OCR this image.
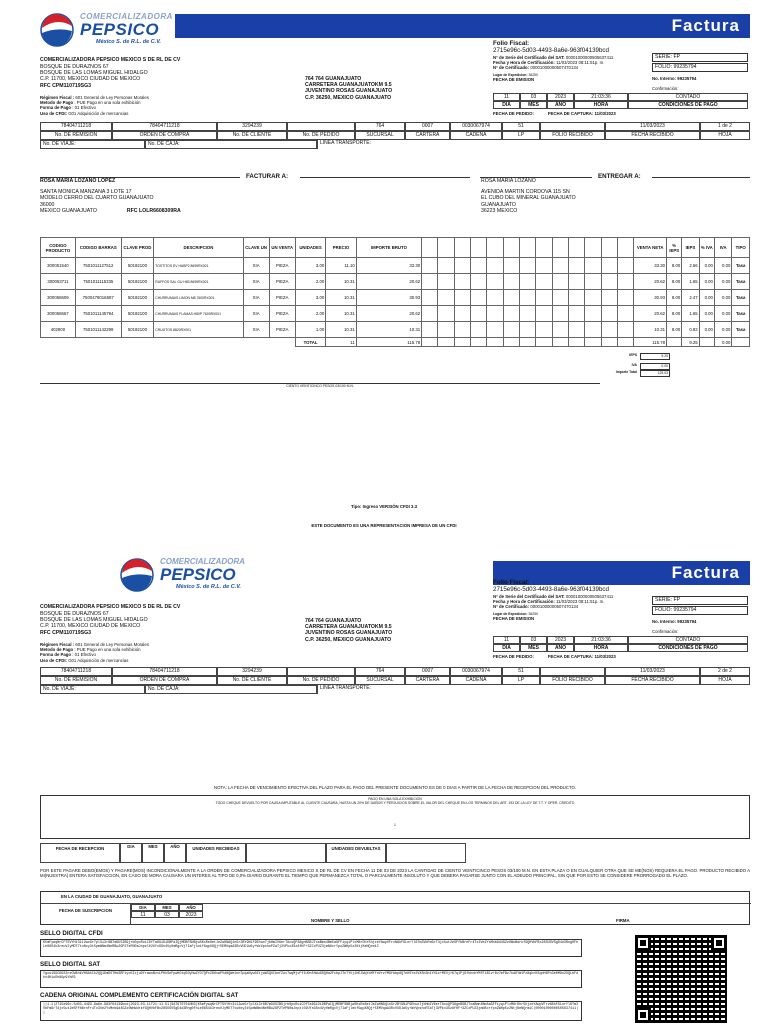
COMERCIALIZADORA
PEPSICO
México S. de R.L. de C.V.
Factura
COMERCIALIZADORA PEPSICO MEXICO S DE RL DE CV
BOSQUE DE DURAZNOS 67
BOSQUE DE LAS LOMAS MIGUEL HIDALGO
C.P. 11700, MEXICO CIUDAD DE MEXICO
RFC CPM110719SG3
Régimen Fiscal : 601 General de Ley Personas Morales
Metodo de Pago : PUE Pago en una sola exhibición
Forma de Pago : 01 Efectivo
Uso de CFDI: G01 Adquisición de mercancias
764 764 GUANAJUATO
CARRETERA GUANAJUATOKM 9.5
JUVENTINO ROSAS GUANAJUATO
C.P. 36250, MEXICO GUANAJUATO
Folio Fiscal:
2715e96c-5d03-4493-8a6e-963f04139bcd
N° de Serie del Certificado del SAT: 00001000000505637411
Fecha y Hora de Certificación: 11/03/2023 08:11:51p. m.
N° de Certificado: 00001000000507470134
Lugar de Expedicion: 36250
FECHA DE EMISION
SERIE: FP
FOLIO: 99235794
No. Interno: 99235794
Confirmación:
11	03	2023	21:03:36	CONTADO
DIA	MES	AÑO	HORA	CONDICIONES DE PAGO
FECHA DE PEDIDO:	FECHA DE CAPTURA: 11/03/2023
78404711218	78404711218	3294239	764	0007	0030067974	51	11/03/2023	1 de 2
No. DE REMISION	ORDEN DE COMPRA	No. DE CLIENTE	No. DE PEDIDO	SUCURSAL	CARTERA	CADENA	LP	FOLIO RECIBIDO	FECHA RECIBIDO	HOJA
No. DE VIAJE:	No. DE CAJA:	LINEA TRANSPORTE:
FACTURAR A:	ENTREGAR A:
ROSA MARIA LOZANO LOPEZ
SANTA MONICA MANZANA 3 LOTE 17
MODELO CERRO DEL CUARTO GUANAJUATO
36000
MEXICO GUANAJUATO	RFC LOLR6608309RA
ROSA MARIA LOZANO
AVENIDA MARTIN CORDOVA 115 SN
EL CUBO DEL MINERAL GUANAJUATO
GUANAJUATO
36223 MEXICO
CODIGO PRODUCTO	CODIGO BARRAS	CLAVE PROD	DESCRIPCION	CLAVE UN	UN VENTA	UNIDADES	PRECIO	IMPORTE BRUTO														VENTA NETA	% IEPS	IEPS	% IVA	IVA	TIPO
300051540	7501011127512	50192100	TOSTITOS EV HABP2 8695RX001	XIA	PIEZA	3.00	11.10	33.30														33.30	8.00	2.66	0.00	0.00	Tasa
300053711	7501011115335	50192100	RUFFOS SAL GU H80 8695RX001	XIA	PIEZA	2.00	10.31	20.62														20.62	8.00	1.65	0.00	0.00	Tasa
300058609	7500478016587	50192100	CHURRUMAIS LIMON M8 7600RX001	XIA	PIEZA	3.00	10.31	30.93														30.93	8.00	2.47	0.00	0.00	Tasa
300058667	7501011145794	50192100	CHURRUMAIS FLAMAS H80P 7600RX001	XIA	PIEZA	2.00	10.31	20.62														20.62	8.00	1.65	0.00	0.00	Tasa
402900	7501011142299	50192100	CRUJITOS 8820RX001	XIA	PIEZA	1.00	10.31	10.31														10.31	8.00	0.82	0.00	0.00	Tasa
						TOTAL	11	115.78														115.78		9.25		0.00	
IEPS	9.25
IVA	0.00
Importe Total	125.03
CIENTO VEINTICINCO PESOS 03/100 M.N.
Tipo: Ingreso VERSIÓN CFDI 3.3
ESTE DOCUMENTO ES UNA REPRESENTACION IMPRESA DE UN CFDI
COMERCIALIZADORA
PEPSICO
México S. de R.L. de C.V.
Factura
COMERCIALIZADORA PEPSICO MEXICO S DE RL DE CV
BOSQUE DE DURAZNOS 67
BOSQUE DE LAS LOMAS MIGUEL HIDALGO
C.P. 11700, MEXICO CIUDAD DE MEXICO
RFC CPM110719SG3
Régimen Fiscal : 601 General de Ley Personas Morales
Metodo de Pago : PUE Pago en una sola exhibición
Forma de Pago : 01 Efectivo
Uso de CFDI: G01 Adquisición de mercancias
764 764 GUANAJUATO
CARRETERA GUANAJUATOKM 9.5
JUVENTINO ROSAS GUANAJUATO
C.P. 36250, MEXICO GUANAJUATO
Folio Fiscal:
2715e96c-5d03-4493-8a6e-963f04139bcd
N° de Serie del Certificado del SAT: 00001000000505637411
Fecha y Hora de Certificación: 11/03/2023 08:11:51p. m.
N° de Certificado: 00001000000507470134
Lugar de Expedicion: 36250
FECHA DE EMISION
SERIE: FP
FOLIO: 99235794
No. Interno: 99235794
Confirmación:
11	03	2023	21:03:36	CONTADO
DIA	MES	AÑO	HORA	CONDICIONES DE PAGO
FECHA DE PEDIDO:	FECHA DE CAPTURA: 11/03/2023
78404711218	78404711218	3294239	764	0007	0030067974	51	11/03/2023	2 de 2
No. DE REMISION	ORDEN DE COMPRA	No. DE CLIENTE	No. DE PEDIDO	SUCURSAL	CARTERA	CADENA	LP	FOLIO RECIBIDO	FECHA RECIBIDO	HOJA
No. DE VIAJE:	No. DE CAJA:	LINEA TRANSPORTE:
NOTA: LA FECHA DE VENCIMIENTO EFECTIVA DEL PLAZO PARA EL PAGO DEL PRESENTE DOCUMENTO ES DE 0 DIAS A PARTIR DE LA FECHA DE RECEPCION DEL PRODUCTO.
PAGO EN UNA SOLA EXHIBICION
TODO CHEQUE DEVUELTO POR CAUSA IMPUTABLE AL CLIENTE CAUSARA, HASTA UN 20% DE DAÑOS Y PERJUICIOS SOBRE EL VALOR DEL CHEQUE EN LOS TERMINOS DEL ART. 193 DE LA LEY DE T.T. Y OPER. CREDITO
1
FECHA DE RECEPCION	DIA	MES	AÑO	UNIDADES RECIBIDAS	UNIDADES DEVUELTAS
POR ESTE PAGARE DEBO(EMOS) Y PAGARE(MOS) INCONDICIONALMENTE A LA ORDEN DE COMERCIALIZADORA PEPSICO MEXICO S DE RL DE CV EN FECHA 11 DE 03 DE 2023 LA CANTIDAD DE CIENTO VEINTICINCO PESOS 03/100 M.N. EN ESTA PLAZA O EN CUALQUIER OTRA QUE SE ME(NOS) REQUIERA EL PAGO. PRODUCTO RECIBIDO A MI(NUESTRA) ENTERA SATISFACCION, EN CASO DE MORA CAUSARA UN INTERES AL TIPO DE 0,0% DIARIO DURANTE EL TIEMPO QUE PERMANEZCA TOTAL O PARCIALMENTE INSOLUTO Y QUE DEBERA PAGARSE JUNTO CON EL ADEUDO PRINCIPAL, SIN QUE POR ESTO SE CONSIDERE PRORROGADO EL PLAZO.
EN LA CIUDAD DE GUANAJUATO, GUANAJUATO
FECHA DE SUSCRIPCION
DIA	MES	AÑO
11	03	2023
NOMBRE Y SELLO	FIRMA
SELLO DIGITAL CFDI
K5mFywqNrCFTSVYHt3112wxGr7plXi3r8B7mGUSIB9jrb0pcRoiCDfTa6GiDiDBPaIQjMDBFSNBjwSKsRe8etJeZaHNAQ1nGr2BY9N1F9Ehuo7jbHmIV6erTAcuQP38gnBSBJTxaBmn4Bm5aGFFiyqiPlxM8rDhr5hjzeYAwpVFrvN8hFGLnrYl6Tm3VbFmGrT4jx5ut2eSFfbBrnFr4Tx3Ve2YsMnb9d4GZz0WnWdrkfGQHVbFBx28SUSVSgD4d3Rng0FhLe08S4k3reuVJyMDT7tuNxy3t5pmWNm4NeRBu2GP2TePN0aJnpzl02UYsGSn4Vy0mRgcVj7IaFjlmtfGqpX8Qj+5EMVqaA3RcVUDJw5y+WxVpshoPZaTj3VPkx3Sz8fHF+3ZCxPUZ3jmN8crYpoZWHp5z2NtjKeNQrm1C
SELLO DIGITAL SAT
Ygxu1SGCKGS3reCW8hkVHGAhIk2QQ1DmDSTHbSRFiyo5IxjuDfrawnBvsLPHkSeFpwHGtq50yHwZYO7QPxZ6HvwPVd8QWe1nnTpqaNyw0ZtjwWSQXCbnfZoc7wqMjvFf1U0n5hWuGSQHa2FcbpJTn7YUj1HEJWqYoMffnVrzYMGfbbp8Q7eHSYe2VXSh3h1YH1z+MEVj+K7q1PjGfkhnbYMfFiBlv+6v7mFBz7kd9YW1Pz8qbrKSqnH6Pn3e0M9n2OQLbFdhx4H1uDh8Gp9YbR3
CADENA ORIGINAL COMPLEMENTO CERTIFICACIÓN DIGITAL SAT
||1.1|2715e96c-5d03-4493-8a6e-963f04139bcd|2023-03-11T21:11:51|SAT970701NN3|K5mFywqNrCFTSVYHt3112wxGr7plXi3r8B7mGUSIB9jrb0pcRoiCDfTa6GiDiDBPaIQjMDBFSNBjwSKsRe8etJeZaHNAQ1nGr2BY9N1F9Ehuo7jbHmIV6erTAcuQP38gnBSBJTxaBmn4Bm5aGFFiyqiPlxM8rDhr5hjzeYAwpVFrvN8hFGLnrYl6Tm3VbFmGrT4jx5ut2eSFfbBrnFr4Tx3Ve2YsMnb9d4GZz0WnWdrkfGQHVbFBx28SUSVSgD4d3Rng0FhLe08S4k3reuVJyMDT7tuNxy3t5pmWNm4NeRBu2GP2TePN0aJnpzl02UYsGSn4Vy0mRgcVj7IaFjlmtfGqpX8Qj+5EMVqaA3RcVUDJw5y+WxVpshoPZaTj3VPkx3Sz8fHF+3ZCxPUZ3jmN8crYpoZWHp5z2NtjKeNQrm1C|00001000000505637411||
